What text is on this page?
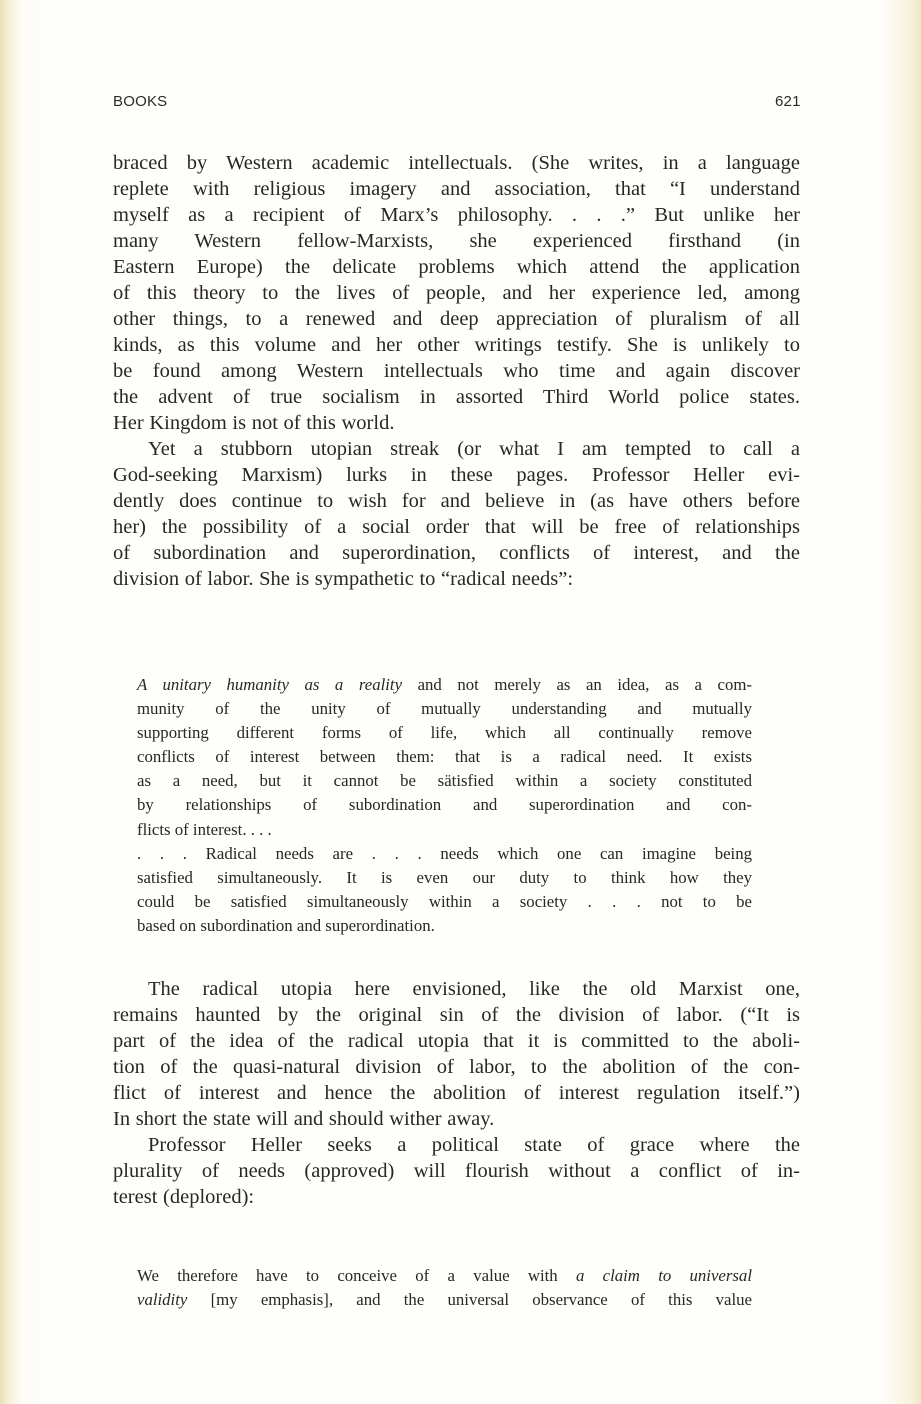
BOOKS	621
braced by Western academic intellectuals. (She writes, in a language
replete with religious imagery and association, that “I understand
myself as a recipient of Marx’s philosophy. . . .” But unlike her
many Western fellow-Marxists, she experienced firsthand (in
Eastern Europe) the delicate problems which attend the application
of this theory to the lives of people, and her experience led, among
other things, to a renewed and deep appreciation of pluralism of all
kinds, as this volume and her other writings testify. She is unlikely to
be found among Western intellectuals who time and again discover
the advent of true socialism in assorted Third World police states.
Her Kingdom is not of this world.
Yet a stubborn utopian streak (or what I am tempted to call a
God-seeking Marxism) lurks in these pages. Professor Heller evi-
dently does continue to wish for and believe in (as have others before
her) the possibility of a social order that will be free of relationships
of subordination and superordination, conflicts of interest, and the
division of labor. She is sympathetic to “radical needs”:
A unitary humanity as a reality and not merely as an idea, as a com-
munity of the unity of mutually understanding and mutually
supporting different forms of life, which all continually remove
conflicts of interest between them: that is a radical need. It exists
as a need, but it cannot be sätisfied within a society constituted
by relationships of subordination and superordination and con-
flicts of interest. . . .
. . . Radical needs are . . . needs which one can imagine being
satisfied simultaneously. It is even our duty to think how they
could be satisfied simultaneously within a society . . . not to be
based on subordination and superordination.
The radical utopia here envisioned, like the old Marxist one,
remains haunted by the original sin of the division of labor. (“It is
part of the idea of the radical utopia that it is committed to the aboli-
tion of the quasi-natural division of labor, to the abolition of the con-
flict of interest and hence the abolition of interest regulation itself.”)
In short the state will and should wither away.
Professor Heller seeks a political state of grace where the
plurality of needs (approved) will flourish without a conflict of in-
terest (deplored):
We therefore have to conceive of a value with a claim to universal
validity [my emphasis], and the universal observance of this value
